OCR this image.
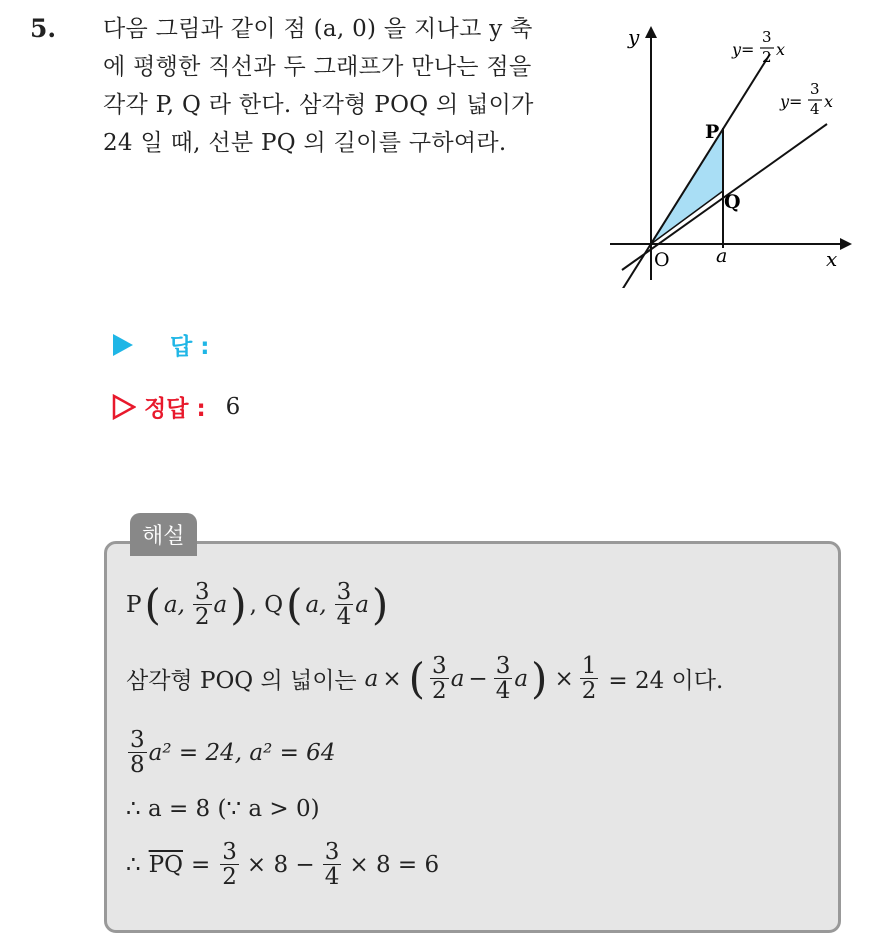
5. 다음 그림과 같이 점 (a, 0) 을 지나고 y 축
에 평행한 직선과 두 그래프가 만나는 점을
각각 P, Q 라 한다. 삼각형 POQ 의 넓이가
24 일 때, 선분 PQ 의 길이를 구하여라.
y
x
O a
P
Q
y=
3
2 x
y=
3
4 x
답 :
정답 : 6
해설
P ( a, $\frac{3}{2}$ a ) , Q ( a, $\frac{3}{4}$ a )
삼각형 POQ 의 넓이는 a × ( $\frac{3}{2}$ $a - \frac{3}{4}$ a ) × $\frac{1}{2} = 24$ 이다.
$\frac{3}{8} a^2 = 24$, a² = 64
∴ a = 8 (∵ a > 0)
∴ $\overline{PQ} = \frac{3}{2} \times 8 - \frac{3}{4} \times 8 = 6$
